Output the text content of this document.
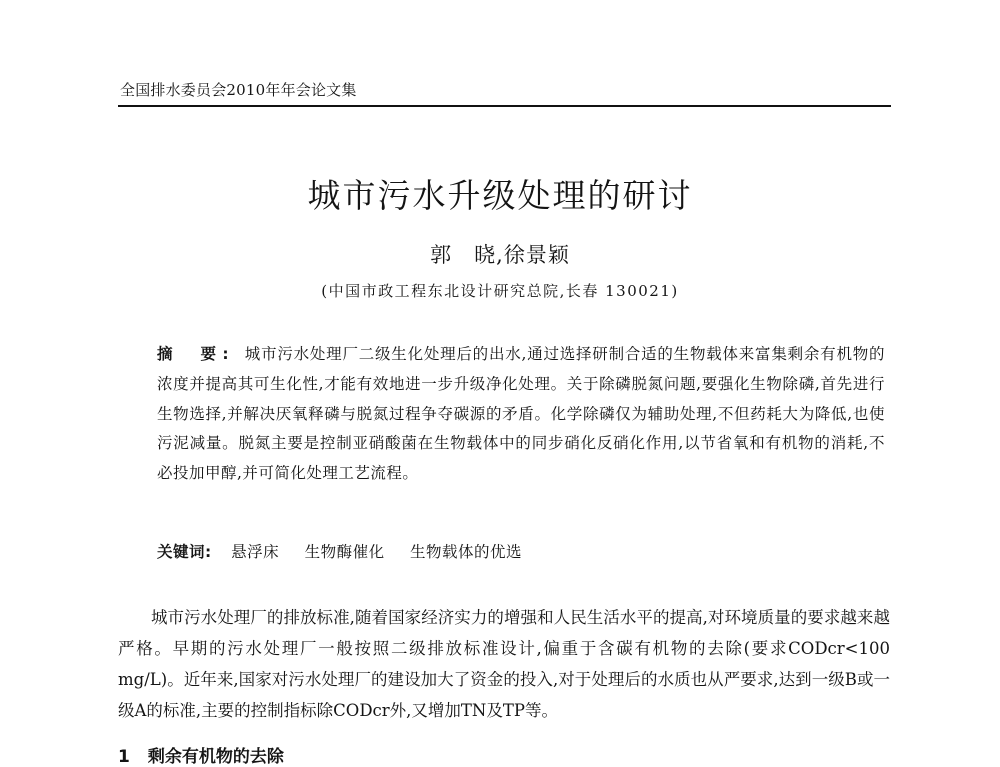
全国排水委员会2010年年会论文集
城市污水升级处理的研讨
郭　晓,徐景颖
(中国市政工程东北设计研究总院,长春 130021)
摘　要: 城市污水处理厂二级生化处理后的出水,通过选择研制合适的生物载体来富集剩余有机物的浓度并提高其可生化性,才能有效地进一步升级净化处理。关于除磷脱氮问题,要强化生物除磷,首先进行生物选择,并解决厌氧释磷与脱氮过程争夺碳源的矛盾。化学除磷仅为辅助处理,不但药耗大为降低,也使污泥减量。脱氮主要是控制亚硝酸菌在生物载体中的同步硝化反硝化作用,以节省氧和有机物的消耗,不必投加甲醇,并可简化处理工艺流程。
关键词: 悬浮床 生物酶催化 生物载体的优选

城市污水处理厂的排放标准,随着国家经济实力的增强和人民生活水平的提高,对环境质量的要求越来越严格。早期的污水处理厂一般按照二级排放标准设计,偏重于含碳有机物的去除(要求CODcr<100 mg/L)。近年来,国家对污水处理厂的建设加大了资金的投入,对于处理后的水质也从严要求,达到一级B或一级A的标准,主要的控制指标除CODcr外,又增加TN及TP等。

1 剩余有机物的去除
